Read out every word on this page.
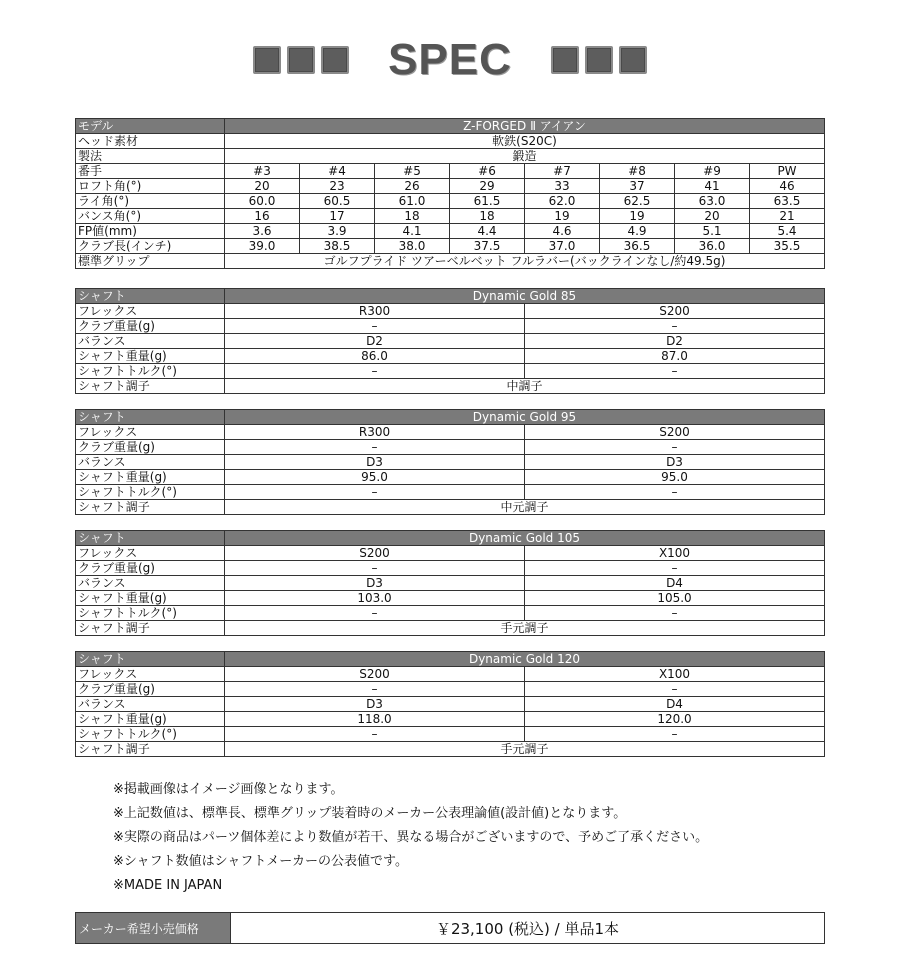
SPEC
モデル	Z-FORGED Ⅱ アイアン							
ヘッド素材	軟鉄(S20C)							
製法	鍛造							
番手	#3	#4	#5	#6	#7	#8	#9	PW
ロフト角(°)	20	23	26	29	33	37	41	46
ライ角(°)	60.0	60.5	61.0	61.5	62.0	62.5	63.0	63.5
バンス角(°)	16	17	18	18	19	19	20	21
FP値(mm)	3.6	3.9	4.1	4.4	4.6	4.9	5.1	5.4
クラブ長(インチ)	39.0	38.5	38.0	37.5	37.0	36.5	36.0	35.5
標準グリップ	ゴルフプライド ツアーベルベット フルラバー(バックラインなし/約49.5g)							
シャフト	Dynamic Gold 85	
フレックス	R300	S200
クラブ重量(g)	–	–
バランス	D2	D2
シャフト重量(g)	86.0	87.0
シャフトトルク(°)	–	–
シャフト調子	中調子	
シャフト	Dynamic Gold 95	
フレックス	R300	S200
クラブ重量(g)	–	–
バランス	D3	D3
シャフト重量(g)	95.0	95.0
シャフトトルク(°)	–	–
シャフト調子	中元調子	
シャフト	Dynamic Gold 105	
フレックス	S200	X100
クラブ重量(g)	–	–
バランス	D3	D4
シャフト重量(g)	103.0	105.0
シャフトトルク(°)	–	–
シャフト調子	手元調子	
シャフト	Dynamic Gold 120	
フレックス	S200	X100
クラブ重量(g)	–	–
バランス	D3	D4
シャフト重量(g)	118.0	120.0
シャフトトルク(°)	–	–
シャフト調子	手元調子	
※掲載画像はイメージ画像となります。
※上記数値は、標準長、標準グリップ装着時のメーカー公表理論値(設計値)となります。
※実際の商品はパーツ個体差により数値が若干、異なる場合がございますので、予めご了承ください。
※シャフト数値はシャフトメーカーの公表値です。
※MADE IN JAPAN
メーカー希望小売価格	￥23,100 (税込) / 単品1本
